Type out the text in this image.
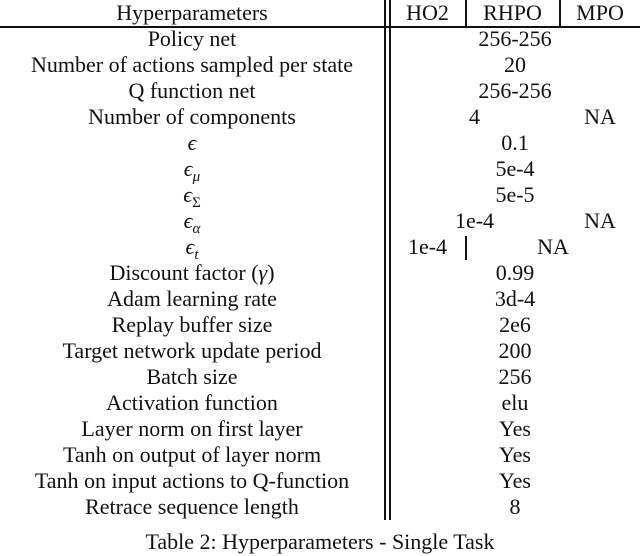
Hyperparameters	HO2	RHPO	MPO
Policy net	256-256
Number of actions sampled per state	20
Q function net	256-256
Number of components	4	NA
ϵ	0.1
$\epsilon_\mu$	5e-4
$\epsilon_\Sigma$	5e-5
$\epsilon_\alpha$	1e-4	NA
$\epsilon_t$	1e-4	NA
Discount factor (γ)	0.99
Adam learning rate	3d-4
Replay buffer size	2e6
Target network update period	200
Batch size	256
Activation function	elu
Layer norm on first layer	Yes
Tanh on output of layer norm	Yes
Tanh on input actions to Q-function	Yes
Retrace sequence length	8
Table 2: Hyperparameters - Single Task
